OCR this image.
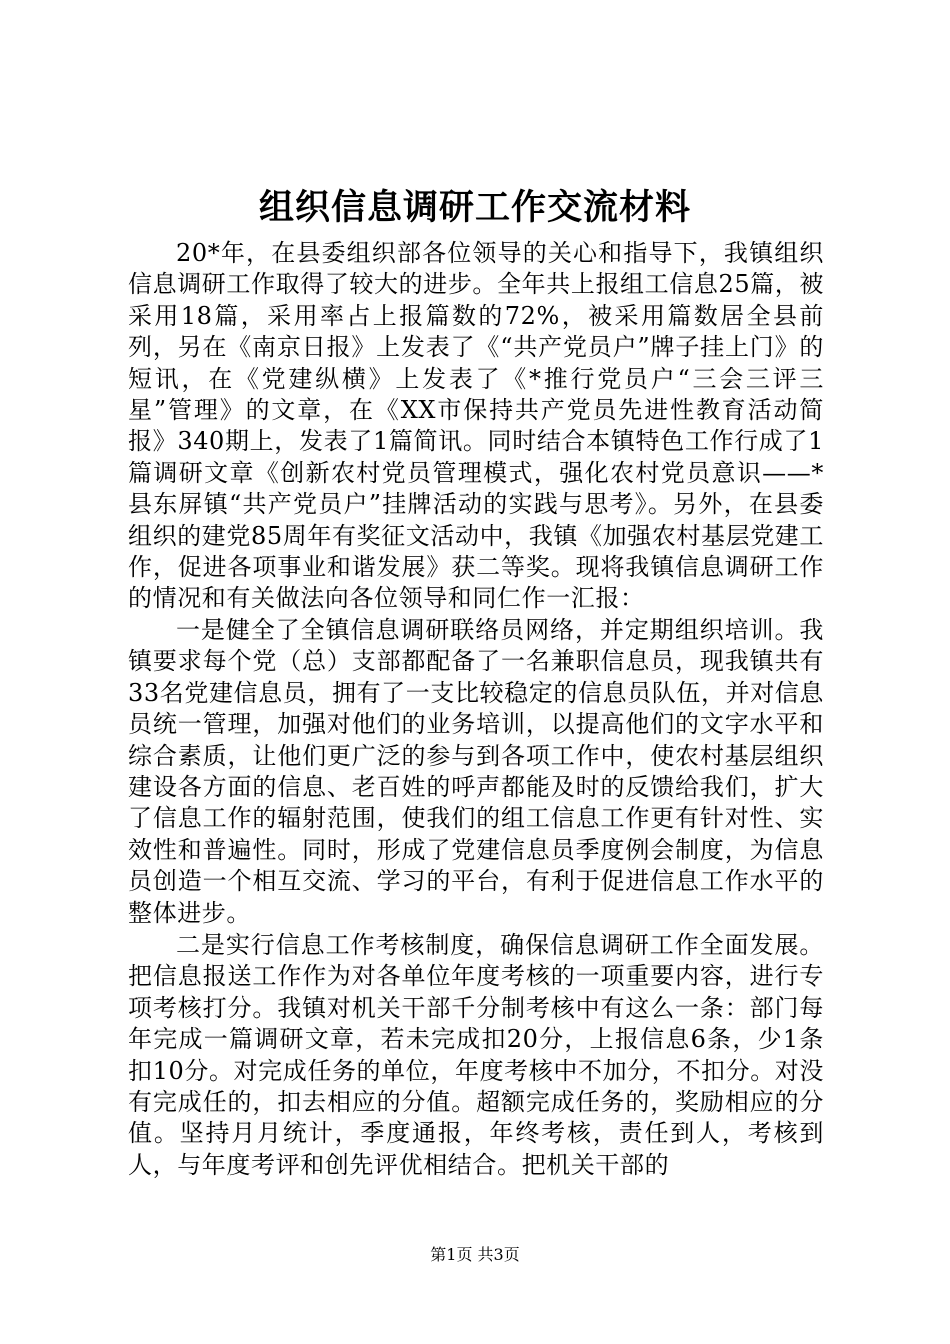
组织信息调研工作交流材料

20*年，在县委组织部各位领导的关心和指导下，我镇组织信息调研工作取得了较大的进步。全年共上报组工信息25篇，被采用18篇，采用率占上报篇数的72%，被采用篇数居全县前列，另在《南京日报》上发表了《“共产党员户”牌子挂上门》的短讯，在《党建纵横》上发表了《*推行党员户“三会三评三星”管理》的文章，在《XX市保持共产党员先进性教育活动简报》340期上，发表了1篇简讯。同时结合本镇特色工作行成了1篇调研文章《创新农村党员管理模式，强化农村党员意识——*县东屏镇“共产党员户”挂牌活动的实践与思考》。另外，在县委组织的建党85周年有奖征文活动中，我镇《加强农村基层党建工作，促进各项事业和谐发展》获二等奖。现将我镇信息调研工作的情况和有关做法向各位领导和同仁作一汇报：

一是健全了全镇信息调研联络员网络，并定期组织培训。我镇要求每个党（总）支部都配备了一名兼职信息员，现我镇共有33名党建信息员，拥有了一支比较稳定的信息员队伍，并对信息员统一管理，加强对他们的业务培训，以提高他们的文字水平和综合素质，让他们更广泛的参与到各项工作中，使农村基层组织建设各方面的信息、老百姓的呼声都能及时的反馈给我们，扩大了信息工作的辐射范围，使我们的组工信息工作更有针对性、实效性和普遍性。同时，形成了党建信息员季度例会制度，为信息员创造一个相互交流、学习的平台，有利于促进信息工作水平的整体进步。

二是实行信息工作考核制度，确保信息调研工作全面发展。把信息报送工作作为对各单位年度考核的一项重要内容，进行专项考核打分。我镇对机关干部千分制考核中有这么一条：部门每年完成一篇调研文章，若未完成扣20分，上报信息6条，少1条扣10分。对完成任务的单位，年度考核中不加分，不扣分。对没有完成任的，扣去相应的分值。超额完成任务的，奖励相应的分值。坚持月月统计，季度通报，年终考核，责任到人，考核到人，与年度考评和创先评优相结合。把机关干部的

第1页 共3页
